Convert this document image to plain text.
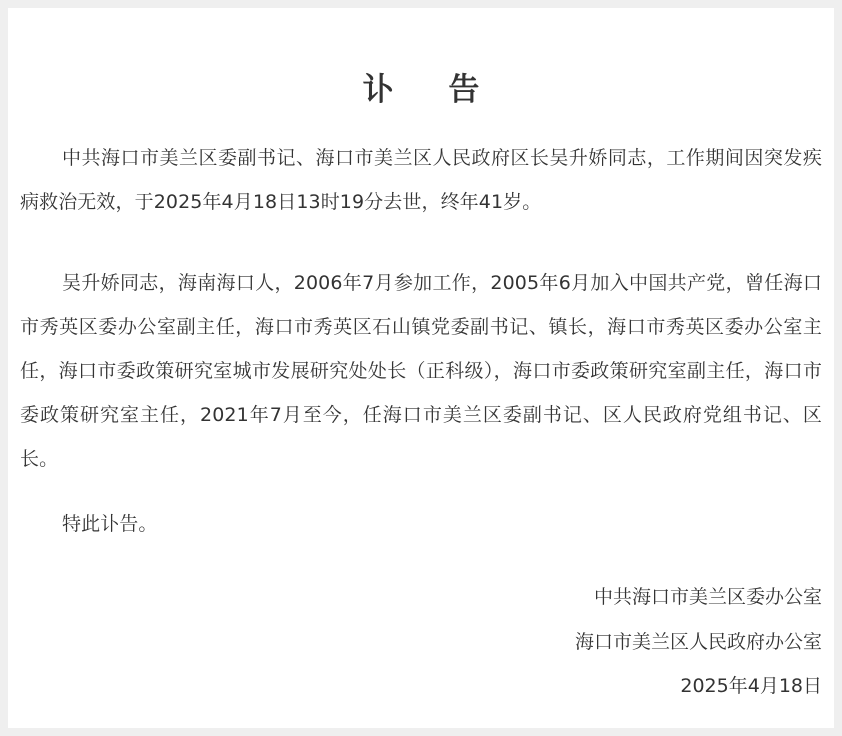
讣 告

中共海口市美兰区委副书记、海口市美兰区人民政府区长吴升娇同志，工作期间因突发疾病救治无效，于2025年4月18日13时19分去世，终年41岁。

吴升娇同志，海南海口人，2006年7月参加工作，2005年6月加入中国共产党，曾任海口市秀英区委办公室副主任，海口市秀英区石山镇党委副书记、镇长，海口市秀英区委办公室主任，海口市委政策研究室城市发展研究处处长（正科级），海口市委政策研究室副主任，海口市委政策研究室主任，2021年7月至今，任海口市美兰区委副书记、区人民政府党组书记、区长。

特此讣告。

中共海口市美兰区委办公室
海口市美兰区人民政府办公室
2025年4月18日
